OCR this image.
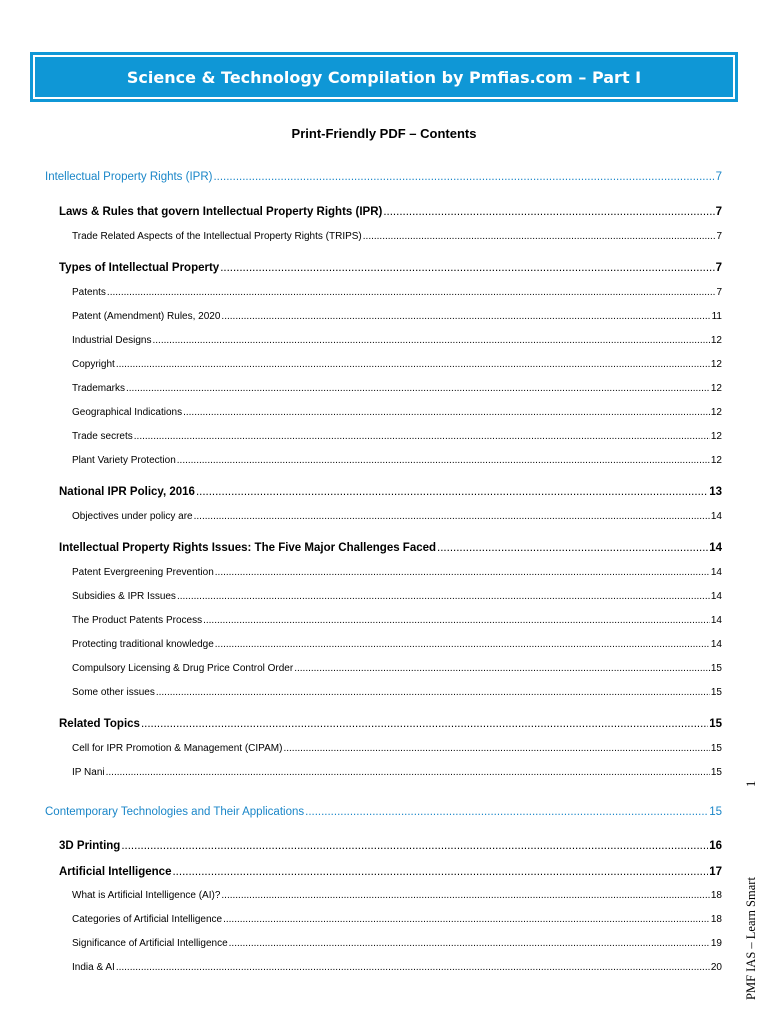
Science & Technology Compilation by Pmfias.com – Part I
Print-Friendly PDF – Contents
Intellectual Property Rights (IPR) .....	7
Laws & Rules that govern Intellectual Property Rights (IPR) .....	7
Trade Related Aspects of the Intellectual Property Rights (TRIPS) .....	7
Types of Intellectual Property .....	7
Patents .....	7
Patent (Amendment) Rules, 2020 .....	11
Industrial Designs .....	12
Copyright .....	12
Trademarks .....	12
Geographical Indications .....	12
Trade secrets .....	12
Plant Variety Protection .....	12
National IPR Policy, 2016 .....	13
Objectives under policy are .....	14
Intellectual Property Rights Issues: The Five Major Challenges Faced .....	14
Patent Evergreening Prevention .....	14
Subsidies & IPR Issues .....	14
The Product Patents Process .....	14
Protecting traditional knowledge .....	14
Compulsory Licensing & Drug Price Control Order .....	15
Some other issues .....	15
Related Topics .....	15
Cell for IPR Promotion & Management (CIPAM) .....	15
IP Nani .....	15
Contemporary Technologies and Their Applications .....	15
3D Printing .....	16
Artificial Intelligence .....	17
What is Artificial Intelligence (AI)? .....	18
Categories of Artificial Intelligence .....	18
Significance of Artificial Intelligence .....	19
India & AI .....	20 PMF IAS – Learn Smart
1
